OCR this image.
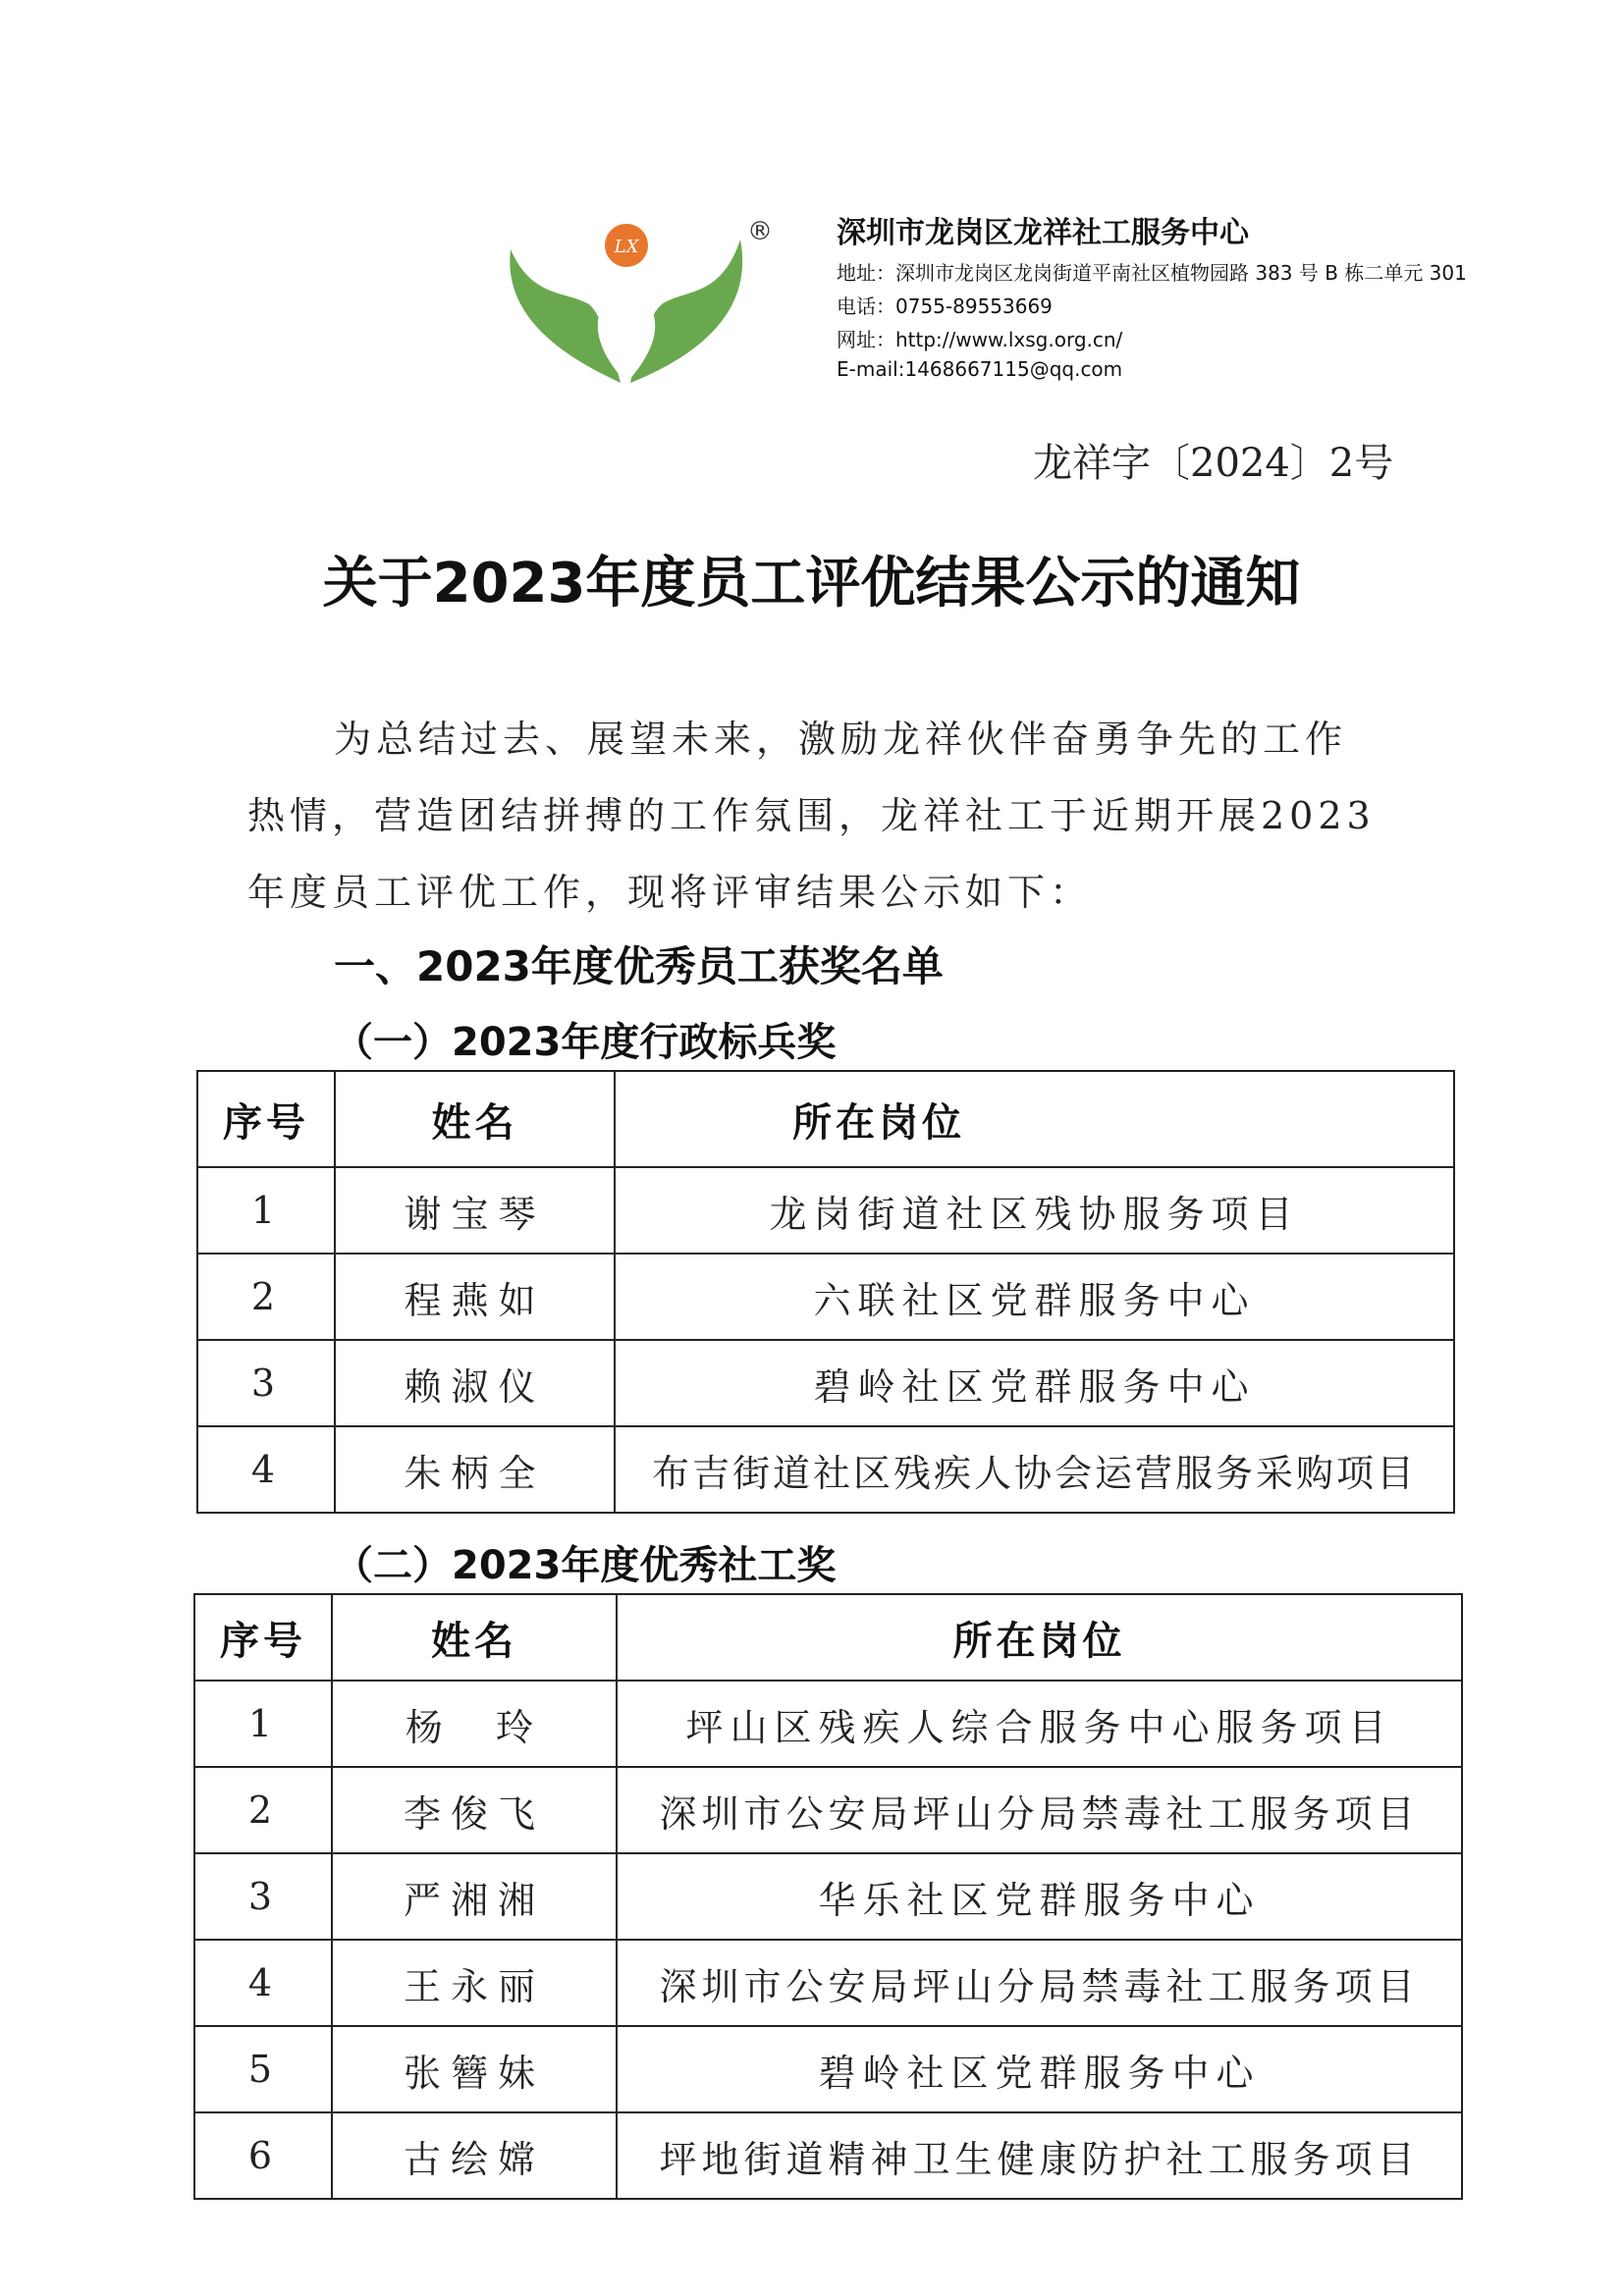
LX
® 深圳市龙岗区龙祥社工服务中心
地址：深圳市龙岗区龙岗街道平南社区植物园路 383 号 B 栋二单元 301
电话：0755-89553669
网址：http://www.lxsg.org.cn/
E-mail:1468667115@qq.com
龙祥字〔2024〕2号
关于2023年度员工评优结果公示的通知
为总结过去、展望未来，激励龙祥伙伴奋勇争先的工作
热情，营造团结拼搏的工作氛围，龙祥社工于近期开展2023
年度员工评优工作，现将评审结果公示如下：
一、2023年度优秀员工获奖名单
（一）2023年度行政标兵奖
序号	姓名	所在岗位
1	谢宝琴	龙岗街道社区残协服务项目
2	程燕如	六联社区党群服务中心
3	赖淑仪	碧岭社区党群服务中心
4	朱柄全	布吉街道社区残疾人协会运营服务采购项目
（二）2023年度优秀社工奖
序号	姓名	所在岗位
1	杨  玲	坪山区残疾人综合服务中心服务项目
2	李俊飞	深圳市公安局坪山分局禁毒社工服务项目
3	严湘湘	华乐社区党群服务中心
4	王永丽	深圳市公安局坪山分局禁毒社工服务项目
5	张簪妹	碧岭社区党群服务中心
6	古绘嫦	坪地街道精神卫生健康防护社工服务项目
